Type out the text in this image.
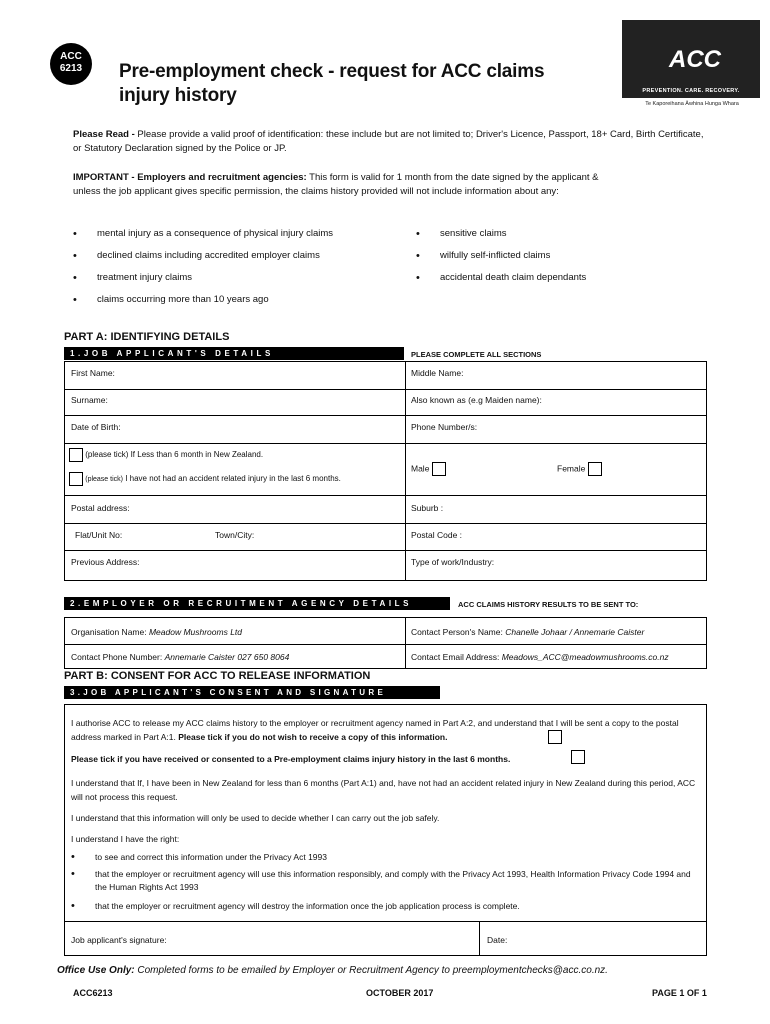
ACC
6213	Pre-employment check - request for ACC claims
injury history
ACC
PREVENTION. CARE. RECOVERY.
Te Kaporeihana Āwhina Hunga Whara
Please Read - Please provide a valid proof of identification: these include but are not limited to; Driver's Licence, Passport, 18+ Card, Birth Certificate, or Statutory Declaration signed by the Police or JP.
IMPORTANT - Employers and recruitment agencies: This form is valid for 1 month from the date signed by the applicant & unless the job applicant gives specific permission, the claims history provided will not include information about any:
• mental injury as a consequence of physical injury claims
• declined claims including accredited employer claims
• treatment injury claims
• claims occurring more than 10 years ago
• sensitive claims
• wilfully self-inflicted claims
• accidental death claim dependants
PART A: IDENTIFYING DETAILS
1.JOB APPLICANT'S DETAILS	PLEASE COMPLETE ALL SECTIONS
First Name:	Middle Name:
Surname:	Also known as (e.g Maiden name):
Date of Birth:	Phone Number/s:
(please tick) If Less than 6 month in New Zealand.
(please tick) I have not had an accident related injury in the last 6 months.
Male	Female
Postal address:	Suburb :
Flat/Unit No:	Town/City:	Postal Code :
Previous Address:	Type of work/Industry:
2.EMPLOYER OR RECRUITMENT AGENCY DETAILS	ACC CLAIMS HISTORY RESULTS TO BE SENT TO:
Organisation Name: Meadow Mushrooms Ltd	Contact Person's Name: Chanelle Johaar / Annemarie Caister
Contact Phone Number: Annemarie Caister 027 650 8064	Contact Email Address: Meadows_ACC@meadowmushrooms.co.nz
PART B: CONSENT FOR ACC TO RELEASE INFORMATION
3.JOB APPLICANT'S CONSENT AND SIGNATURE
I authorise ACC to release my ACC claims history to the employer or recruitment agency named in Part A:2, and understand that I will be sent a copy to the postal address marked in Part A:1. Please tick if you do not wish to receive a copy of this information.
Please tick if you have received or consented to a Pre-employment claims injury history in the last 6 months.
I understand that If, I have been in New Zealand for less than 6 months (Part A:1) and, have not had an accident related injury in New Zealand during this period, ACC will not process this request.
I understand that this information will only be used to decide whether I can carry out the job safely.
I understand I have the right:
• to see and correct this information under the Privacy Act 1993
• that the employer or recruitment agency will use this information responsibly, and comply with the Privacy Act 1993, Health Information Privacy Code 1994 and the Human Rights Act 1993
• that the employer or recruitment agency will destroy the information once the job application process is complete.
Job applicant's signature:	Date:
Office Use Only: Completed forms to be emailed by Employer or Recruitment Agency to preemploymentchecks@acc.co.nz.
ACC6213	OCTOBER 2017	PAGE 1 OF 1
